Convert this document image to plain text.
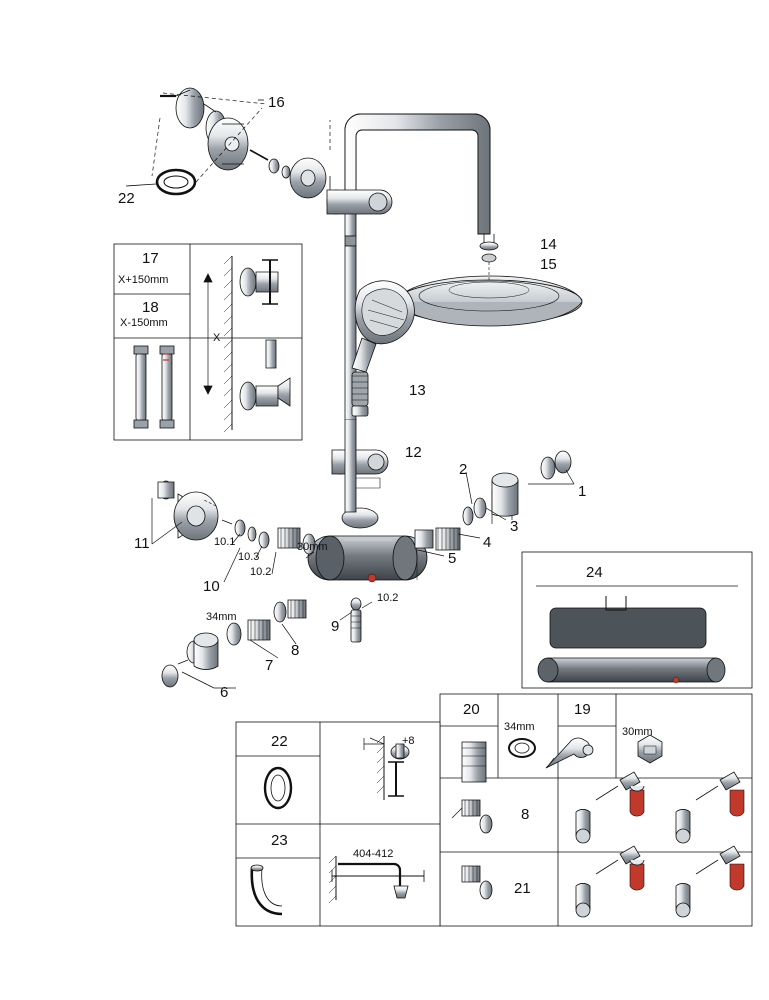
16
22
14
15
13
12
1
2
3
4
5
11
10
10.1
10.3
10.2
10.2
30mm
34mm
9
8
7
6
24
20	19
34mm	30mm
8
21
22
23
+8
404-412
17
X+150mm
18
X-150mm
X
